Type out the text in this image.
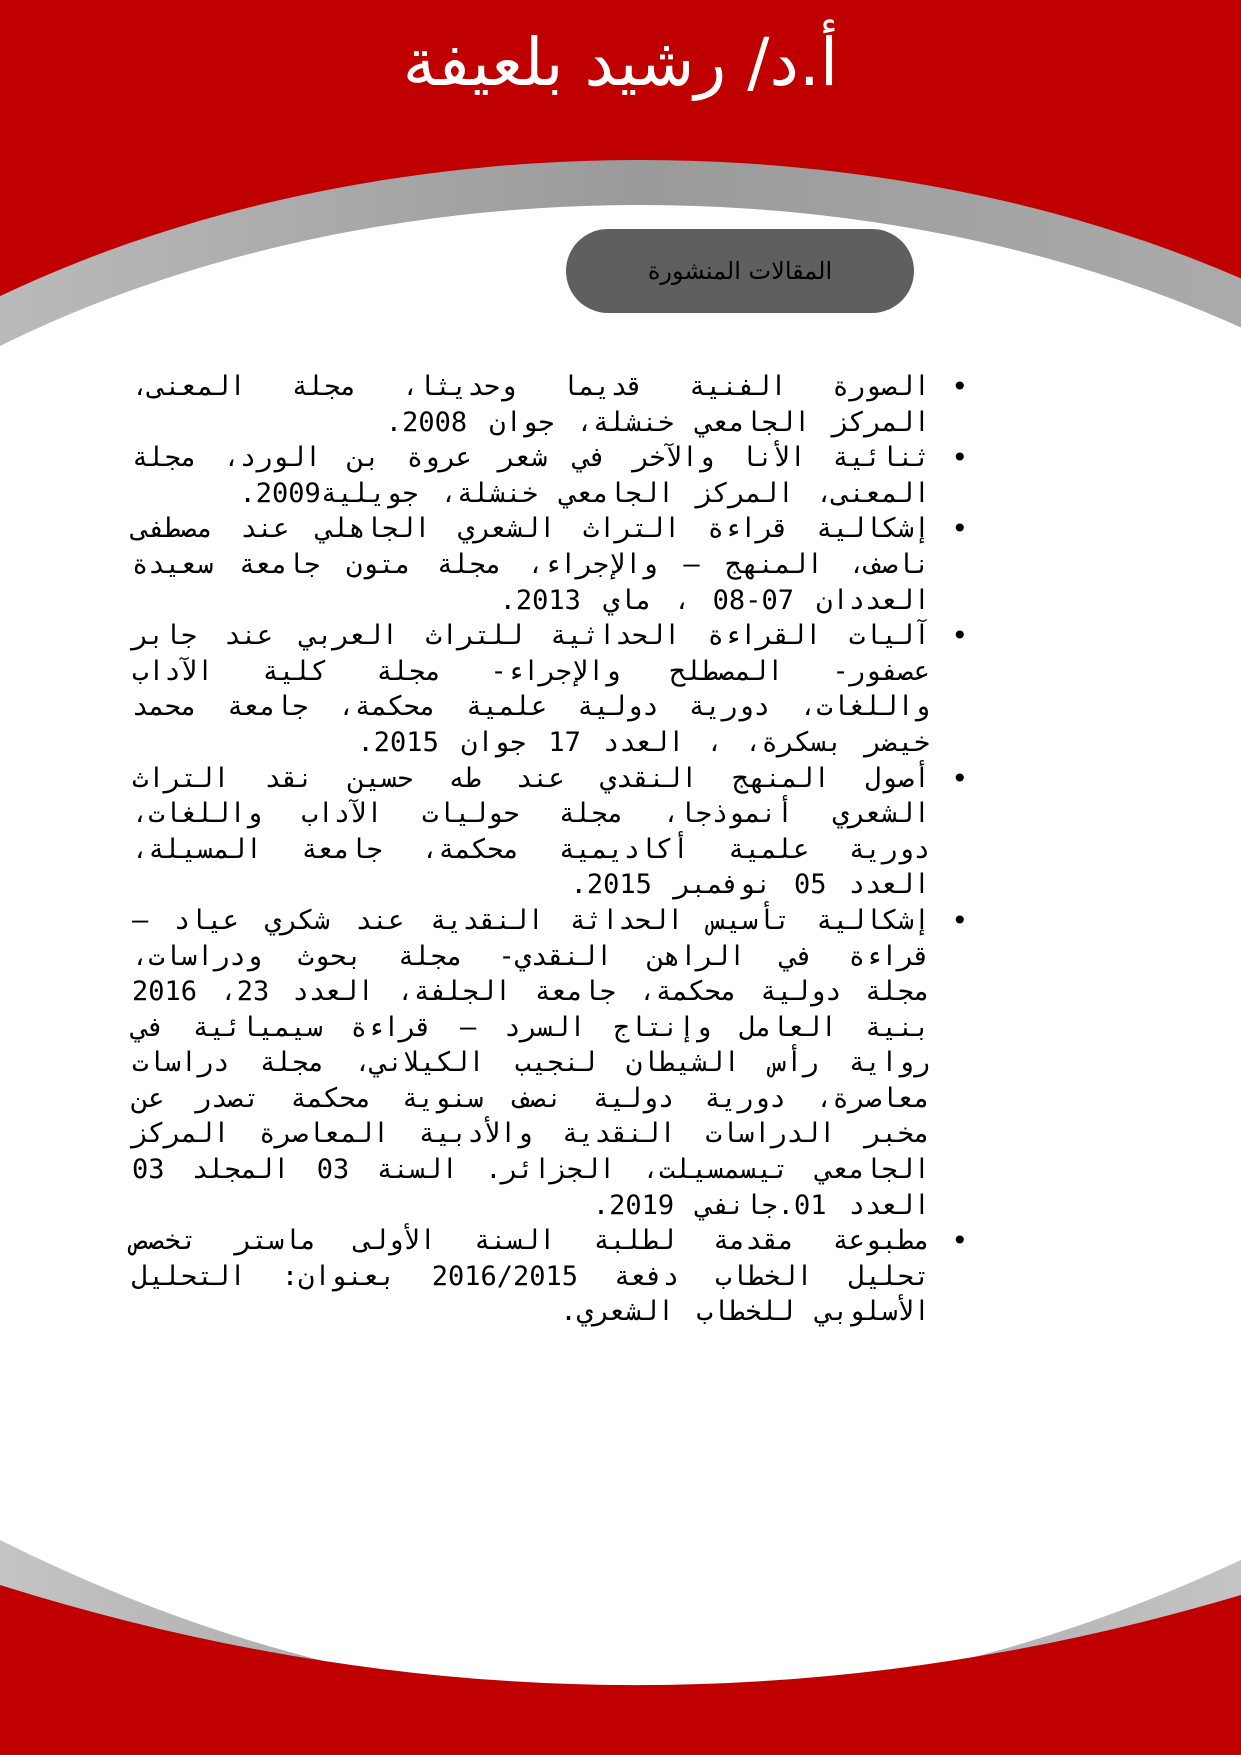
أ.د/ رشيد بلعيفة
المقالات المنشورة
• الصورة الفنية قديما وحديثا، مجلة المعنى، المركز الجامعي خنشلة، جوان 2008.
• ثنائية الأنا والآخر في شعر عروة بن الورد، مجلة المعنى، المركز الجامعي خنشلة، جويلية2009.
• إشكالية قراءة التراث الشعري الجاهلي عند مصطفى ناصف، المنهج – والإجراء، مجلة متون جامعة سعيدة العددان 07-08 ، ماي 2013.
• آليات القراءة الحداثية للتراث العربي عند جابر عصفور- المصطلح والإجراء- مجلة كلية الآداب واللغات، دورية دولية علمية محكمة، جامعة محمد خيضر بسكرة، ، العدد 17 جوان 2015.
• أصول المنهج النقدي عند طه حسين نقد التراث الشعري أنموذجا، مجلة حوليات الآداب واللغات، دورية علمية أكاديمية محكمة، جامعة المسيلة، العدد 05 نوفمبر 2015.
• إشكالية تأسيس الحداثة النقدية عند شكري عياد – قراءة في الراهن النقدي- مجلة بحوث ودراسات، مجلة دولية محكمة، جامعة الجلفة، العدد 23، 2016 بنية العامل وإنتاج السرد – قراءة سيميائية في رواية رأس الشيطان لنجيب الكيلاني، مجلة دراسات معاصرة، دورية دولية نصف سنوية محكمة تصدر عن مخبر الدراسات النقدية والأدبية المعاصرة المركز الجامعي تيسمسيلت، الجزائر. السنة 03 المجلد 03 العدد 01.جانفي 2019.
• مطبوعة مقدمة لطلبة السنة الأولى ماستر تخصص تحليل الخطاب دفعة 2016/2015 بعنوان: التحليل الأسلوبي للخطاب الشعري.
